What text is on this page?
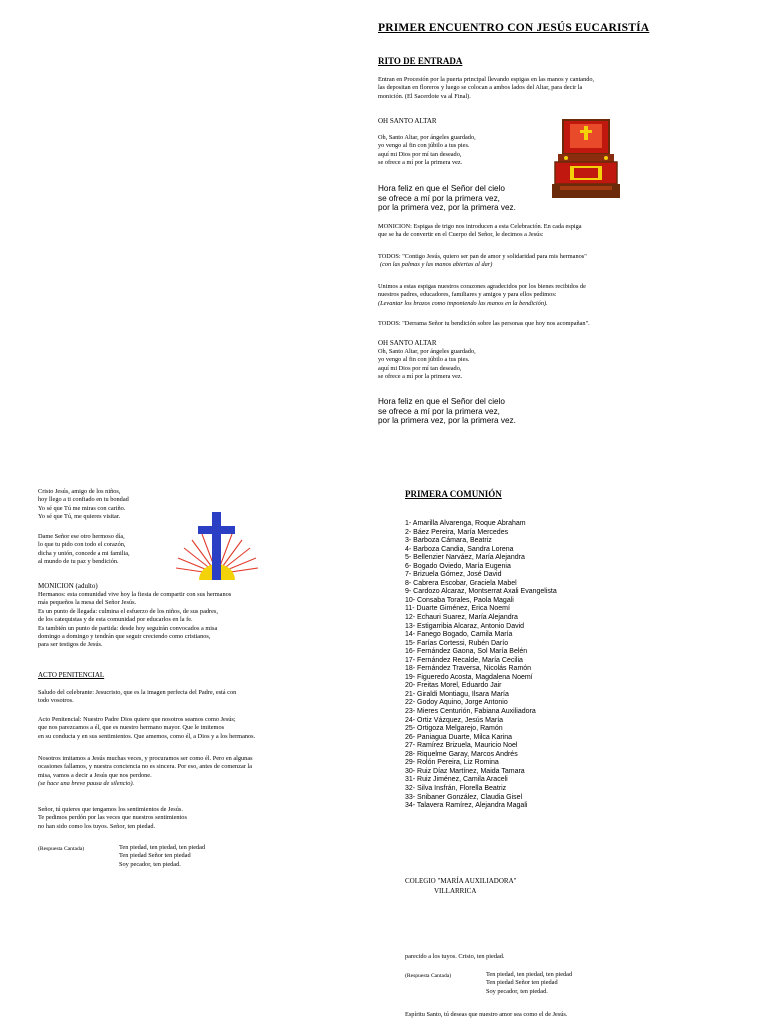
PRIMER ENCUENTRO CON JESÚS EUCARISTÍA
RITO DE ENTRADA
Entran en Procesión por la puerta principal llevando espigas en las manos y cantando,
las depositan en floreros y luego se colocan a ambos lados del Altar, para decir la
monición. (El Sacerdote va al Final).
OH SANTO ALTAR
Oh, Santo Altar, por ángeles guardado,
yo vengo al fin con júbilo a tus pies.
aquí mi Dios por mí tan deseado,
se ofrece a mí por la primera vez.
Hora feliz en que el Señor del cielo
se ofrece a mí por la primera vez,
por la primera vez, por la primera vez.
MONICION: Espigas de trigo nos introducen a esta Celebración. En cada espiga
que se ha de convertir en el Cuerpo del Señor, le decimos a Jesús:
TODOS: "Contigo Jesús, quiero ser pan de amor y solidaridad para mis hermanos"
(con las palmas y las manos abiertas al dar)
Unimos a estas espigas nuestros corazones agradecidos por los bienes recibidos de
nuestros padres, educadores, familiares y amigos y para ellos pedimos:
(Levantar los brazos como imponiendo las manos en la bendición).
TODOS: "Derrama Señor tu bendición sobre las personas que hoy nos acompañan".
OH SANTO ALTAR
Oh, Santo Altar, por ángeles guardado,
yo vengo al fin con júbilo a tus pies.
aquí mi Dios por mí tan deseado,
se ofrece a mí por la primera vez.
Hora feliz en que el Señor del cielo
se ofrece a mí por la primera vez,
por la primera vez, por la primera vez.
Cristo Jesús, amigo de los niños,
hoy llego a ti confiado en tu bondad
Yo sé que Tú me miras con cariño.
Yo sé que Tú, me quieres visitar.
Dame Señor ese otro hermoso día,
lo que tu pido con todo el corazón,
dicha y unión, concede a mi familia,
al mundo de tu paz y bendición.
MONICION (adulto)
Hermanos: esta comunidad vive hoy la fiesta de compartir con sus hermanos
más pequeños la mesa del Señor Jesús.
Es un punto de llegada: culmina el esfuerzo de los niños, de sus padres,
de los catequistas y de esta comunidad por educarlos en la fe.
Es también un punto de partida: desde hoy seguirán convocados a misa
domingo a domingo y tendrán que seguir creciendo como cristianos,
para ser testigos de Jesús.
ACTO PENITENCIAL
Saludo del celebrante: Jesucristo, que es la imagen perfecta del Padre, está con
todo vosotros.
Acto Penitencial: Nuestro Padre Dios quiere que nosotros seamos como Jesús;
que nos parezcamos a él, que es nuestro hermano mayor. Que le imitemos
en su conducta y en sus sentimientos. Que amemos, como él, a Dios y a los hermanos.
Nosotros imitamos a Jesús muchas veces, y procuramos ser como él. Pero en algunas
ocasiones fallamos, y nuestra conciencia no es sincera. Por eso, antes de comenzar la
misa, vamos a decir a Jesús que nos perdone.
(se hace una breve pausa de silencio).
Señor, tú quieres que tengamos los sentimientos de Jesús.
Te pedimos perdón por las veces que nuestros sentimientos
no han sido como los tuyos. Señor, ten piedad.
(Respuesta Cantada)	Ten piedad, ten piedad, ten piedad
Ten piedad Señor ten piedad
Soy pecador, ten piedad.
PRIMERA COMUNIÓN
1- Amarilla Alvarenga, Roque Abraham
2- Báez Pereira, María Mercedes
3- Barboza Cámara, Beatriz
4- Barboza Candia, Sandra Lorena
5- Bellenzier Narváez, María Alejandra
6- Bogado Oviedo, María Eugenia
7- Brizuela Gómez, José David
8- Cabrera Escobar, Graciela Mabel
9- Cardozo Alcaraz, Montserrat Axali Evangelista
10- Consaba Torales, Paola Magali
11- Duarte Giménez, Erica Noemí
12- Echauri Suarez, María Alejandra
13- Estigarribia Alcaraz, Antonio David
14- Fanego Bogado, Camila María
15- Farías Cortessi, Rubén Darío
16- Fernández Gaona, Sol María Belén
17- Fernández Recalde, María Cecilia
18- Fernández Traversa, Nicolás Ramón
19- Figueredo Acosta, Magdalena Noemí
20- Freitas Morel, Eduardo Jair
21- Giraldi Montiagu, Ilsara María
22- Godoy Aquino, Jorge Antonio
23- Mieres Centurión, Fabiana Auxiliadora
24- Ortiz Vázquez, Jesús María
25- Ortigoza Melgarejo, Ramón
26- Paniagua Duarte, Milca Karina
27- Ramírez Brizuela, Mauricio Noel
28- Riquelme Garay, Marcos Andrés
29- Rolón Pereira, Liz Romina
30- Ruiz Díaz Martínez, Maida Tamara
31- Ruiz Jiménez, Camila Araceli
32- Silva Insfrán, Florella Beatriz
33- Snibaner González, Claudia Gisel
34- Talavera Ramírez, Alejandra Magali
COLEGIO "MARÍA AUXILIADORA"
VILLARRICA
parecido a los tuyos. Cristo, ten piedad.
(Respuesta Cantada)	Ten piedad, ten piedad, ten piedad
Ten piedad Señor ten piedad
Soy pecador, ten piedad.
Espíritu Santo, tú deseas que nuestro amor sea como el de Jesús.
